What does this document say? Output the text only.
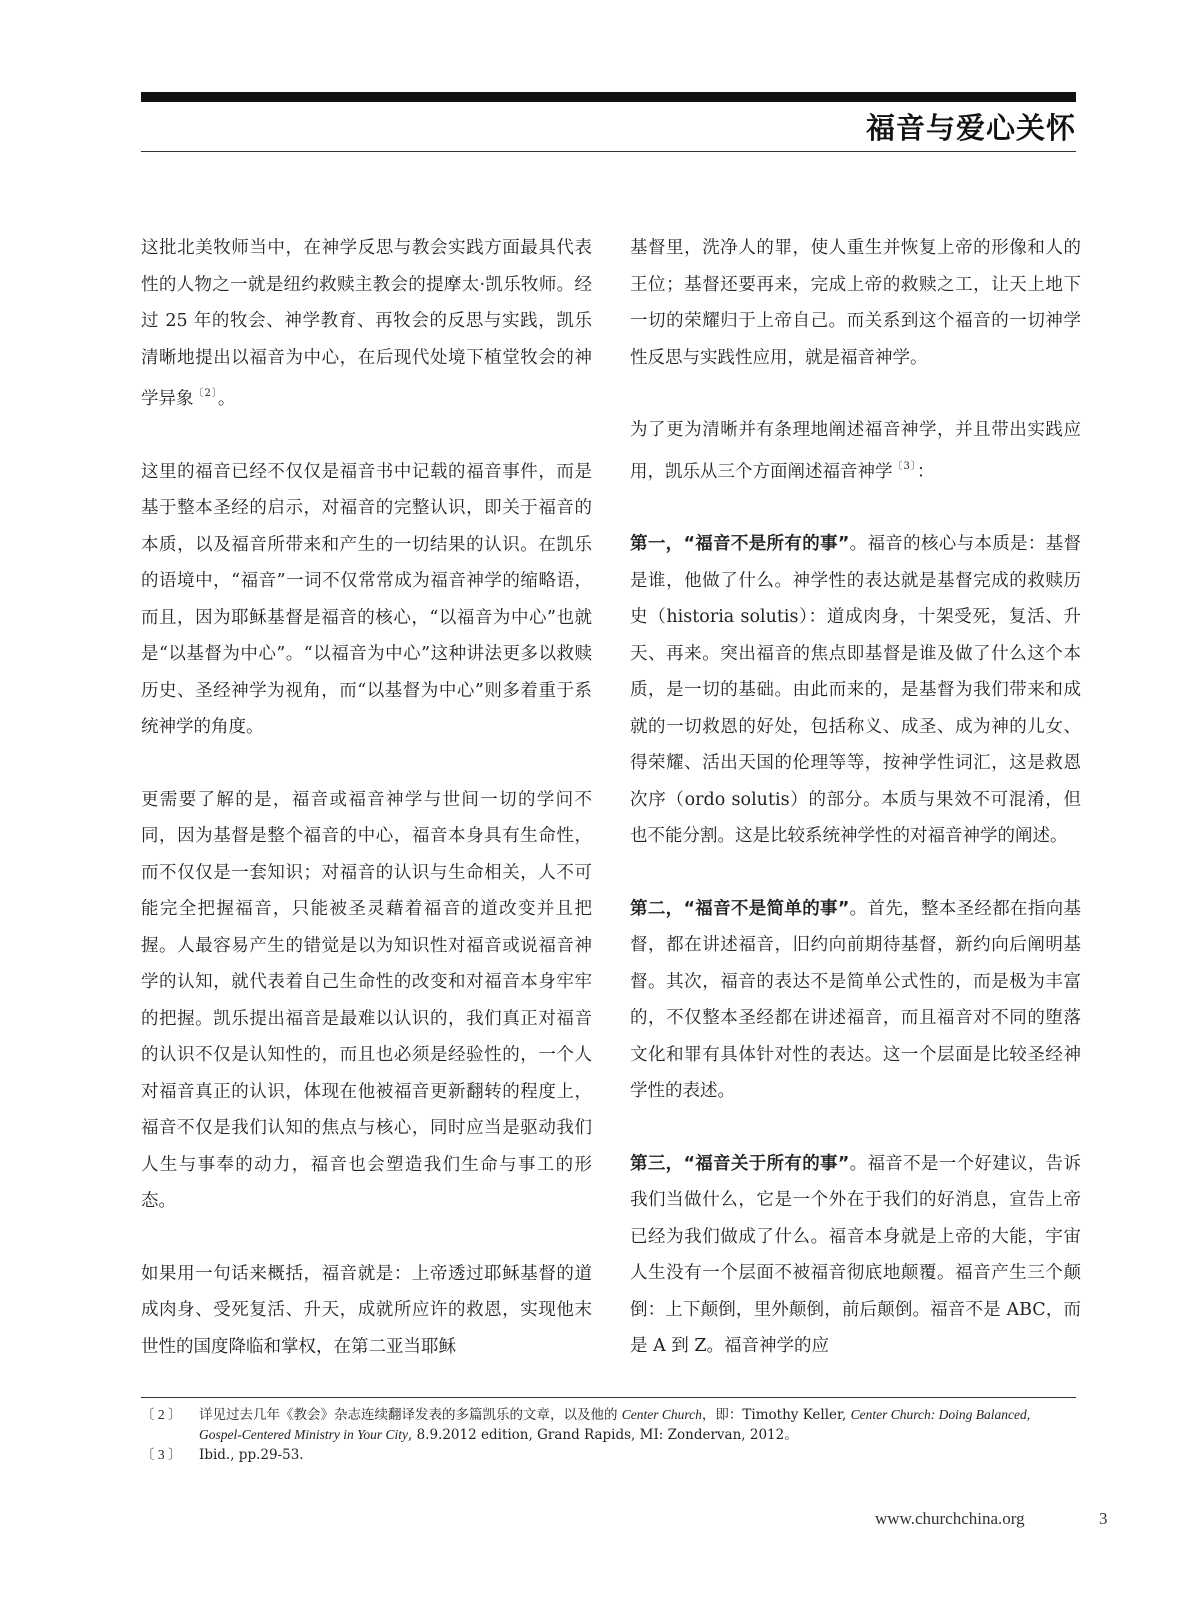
福音与爱心关怀

这批北美牧师当中，在神学反思与教会实践方面最具代表性的人物之一就是纽约救赎主教会的提摩太·凯乐牧师。经过 25 年的牧会、神学教育、再牧会的反思与实践，凯乐清晰地提出以福音为中心，在后现代处境下植堂牧会的神学异象$^{〔2〕}$。

这里的福音已经不仅仅是福音书中记载的福音事件，而是基于整本圣经的启示，对福音的完整认识，即关于福音的本质，以及福音所带来和产生的一切结果的认识。在凯乐的语境中，“福音”一词不仅常常成为福音神学的缩略语，而且，因为耶稣基督是福音的核心，“以福音为中心”也就是“以基督为中心”。“以福音为中心”这种讲法更多以救赎历史、圣经神学为视角，而“以基督为中心”则多着重于系统神学的角度。

更需要了解的是，福音或福音神学与世间一切的学问不同，因为基督是整个福音的中心，福音本身具有生命性，而不仅仅是一套知识；对福音的认识与生命相关，人不可能完全把握福音，只能被圣灵藉着福音的道改变并且把握。人最容易产生的错觉是以为知识性对福音或说福音神学的认知，就代表着自己生命性的改变和对福音本身牢牢的把握。凯乐提出福音是最难以认识的，我们真正对福音的认识不仅是认知性的，而且也必须是经验性的，一个人对福音真正的认识，体现在他被福音更新翻转的程度上，福音不仅是我们认知的焦点与核心，同时应当是驱动我们人生与事奉的动力，福音也会塑造我们生命与事工的形态。

如果用一句话来概括，福音就是：上帝透过耶稣基督的道成肉身、受死复活、升天，成就所应许的救恩，实现他末世性的国度降临和掌权，在第二亚当耶稣

基督里，洗净人的罪，使人重生并恢复上帝的形像和人的王位；基督还要再来，完成上帝的救赎之工，让天上地下一切的荣耀归于上帝自己。而关系到这个福音的一切神学性反思与实践性应用，就是福音神学。

为了更为清晰并有条理地阐述福音神学，并且带出实践应用，凯乐从三个方面阐述福音神学$^{〔3〕}$：

第一，“福音不是所有的事”。福音的核心与本质是：基督是谁，他做了什么。神学性的表达就是基督完成的救赎历史（historia solutis）：道成肉身，十架受死，复活、升天、再来。突出福音的焦点即基督是谁及做了什么这个本质，是一切的基础。由此而来的，是基督为我们带来和成就的一切救恩的好处，包括称义、成圣、成为神的儿女、得荣耀、活出天国的伦理等等，按神学性词汇，这是救恩次序（ordo solutis）的部分。本质与果效不可混淆，但也不能分割。这是比较系统神学性的对福音神学的阐述。

第二，“福音不是简单的事”。首先，整本圣经都在指向基督，都在讲述福音，旧约向前期待基督，新约向后阐明基督。其次，福音的表达不是简单公式性的，而是极为丰富的，不仅整本圣经都在讲述福音，而且福音对不同的堕落文化和罪有具体针对性的表达。这一个层面是比较圣经神学性的表述。

第三，“福音关于所有的事”。福音不是一个好建议，告诉我们当做什么，它是一个外在于我们的好消息，宣告上帝已经为我们做成了什么。福音本身就是上帝的大能，宇宙人生没有一个层面不被福音彻底地颠覆。福音产生三个颠倒：上下颠倒，里外颠倒，前后颠倒。福音不是 ABC，而是 A 到 Z。福音神学的应

〔 2 〕	详见过去几年《教会》杂志连续翻译发表的多篇凯乐的文章，以及他的 Center Church，即：Timothy Keller, Center Church: Doing Balanced, Gospel-Centered Ministry in Your City, 8.9.2012 edition, Grand Rapids, MI: Zondervan, 2012。
〔 3 〕	Ibid., pp.29-53.
www.churchchina.org	3
